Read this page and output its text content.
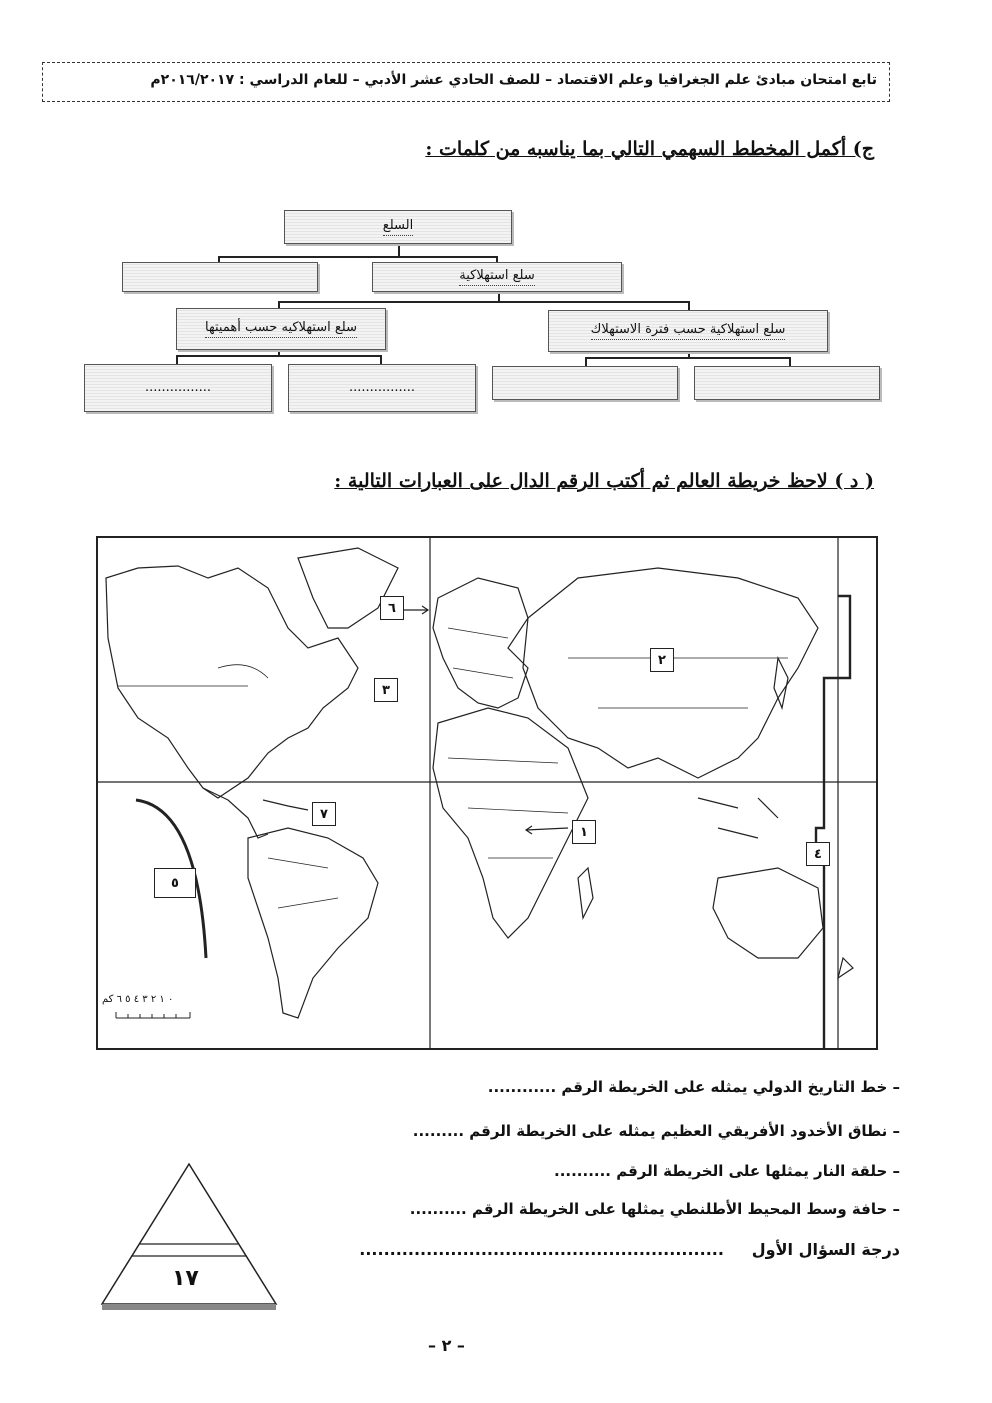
تابع امتحان مبادئ علم الجغرافيا وعلم الاقتصاد – للصف الحادي عشر الأدبي – للعام الدراسي : ٢٠١٦/٢٠١٧م
ج) أكمل المخطط السهمي التالي بما يناسبه من كلمات :
السلع
سلع استهلاكية
سلع استهلاكيه حسب أهميتها	سلع استهلاكية حسب فترة الاستهلاك
................	................
( د ) لاحظ خريطة العالم ثم أكتب الرقم الدال على العبارات التالية :
٠ ١ ٢ ٣ ٤ ٥ ٦ كم
١
٢
٣
٤
٥
٦
٧
– خط التاريخ الدولي يمثله على الخريطة الرقم ............
– نطاق الأخدود الأفريقي العظيم يمثله على الخريطة الرقم .........
– حلقة النار يمثلها على الخريطة الرقم ..........
– حافة وسط المحيط الأطلنطي يمثلها على الخريطة الرقم ..........
درجة السؤال الأول     ............................................................
١٧
– ٢ –
